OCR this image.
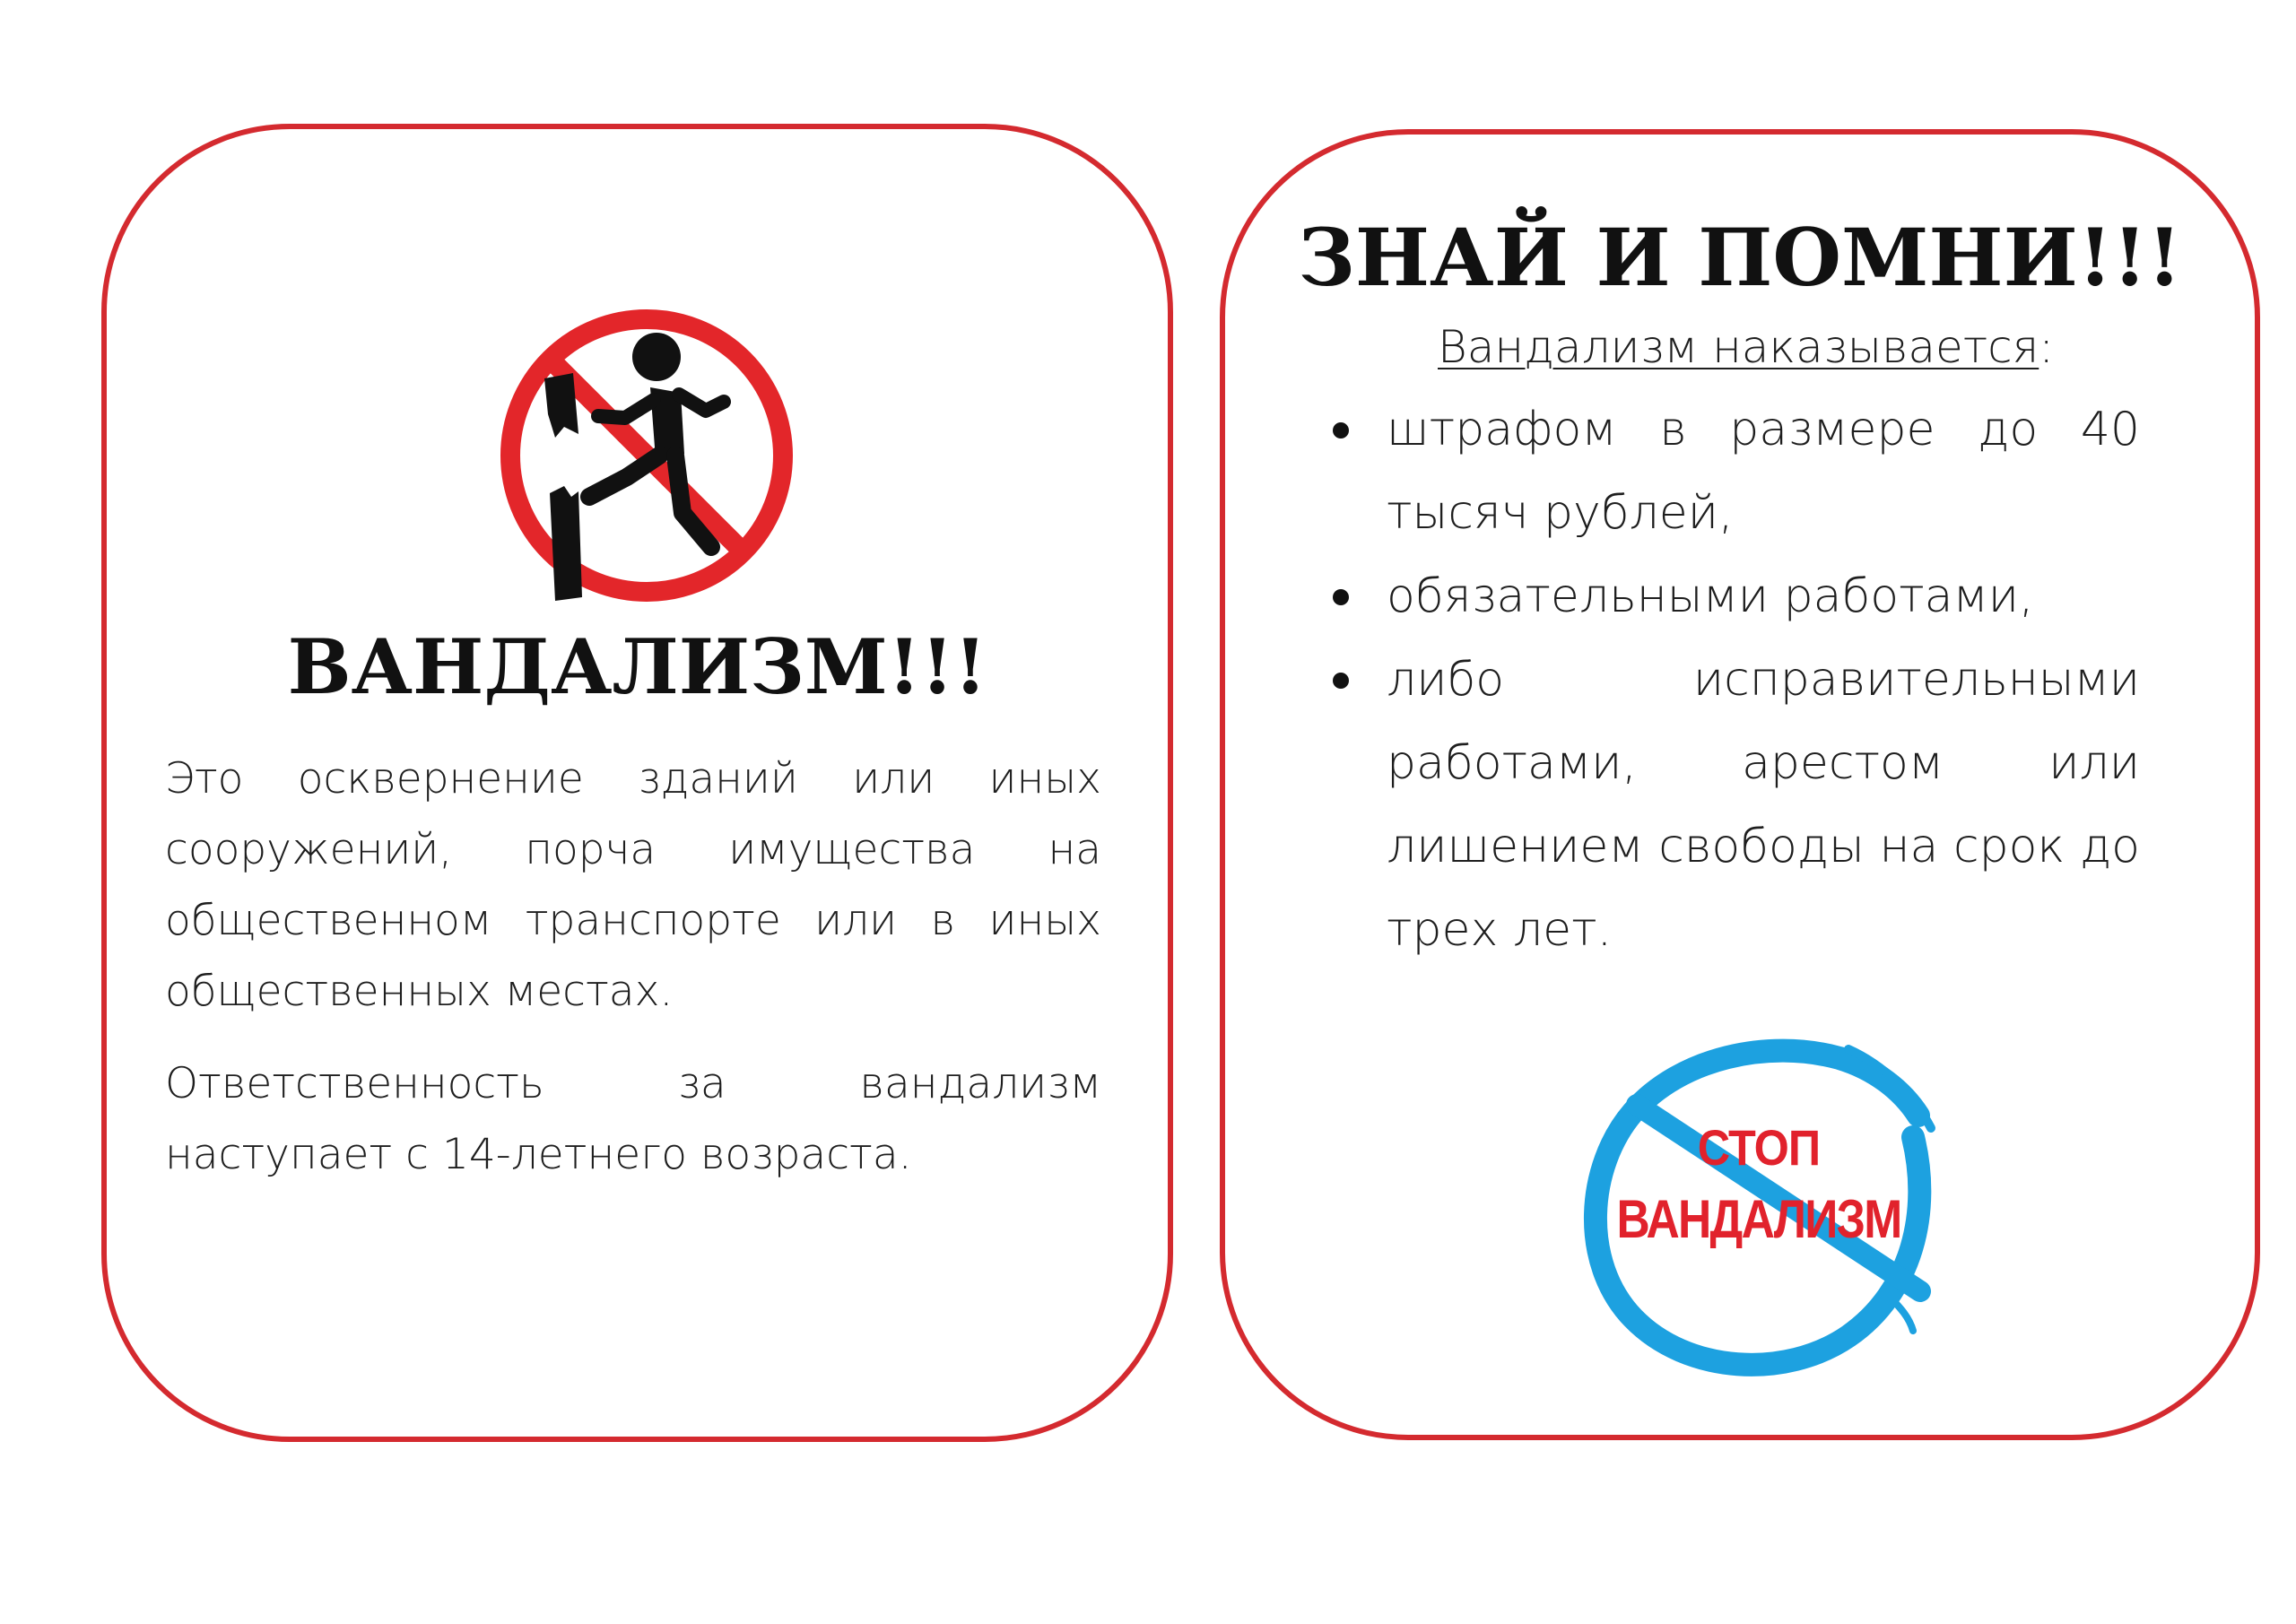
ВАНДАЛИЗМ!!!

Это осквернение зданий или иных сооружений, порча имущества на общественном транспорте или в иных общественных местах.

Ответственность за вандализм наступает с 14-летнего возраста.

ЗНАЙ И ПОМНИ!!!

Вандализм наказывается:

штрафом в размере до 40 тысяч рублей,
обязательными работами,
либо исправительными работами, арестом или лишением свободы на срок до трех лет.

СТОП
ВАНДАЛИЗМ
